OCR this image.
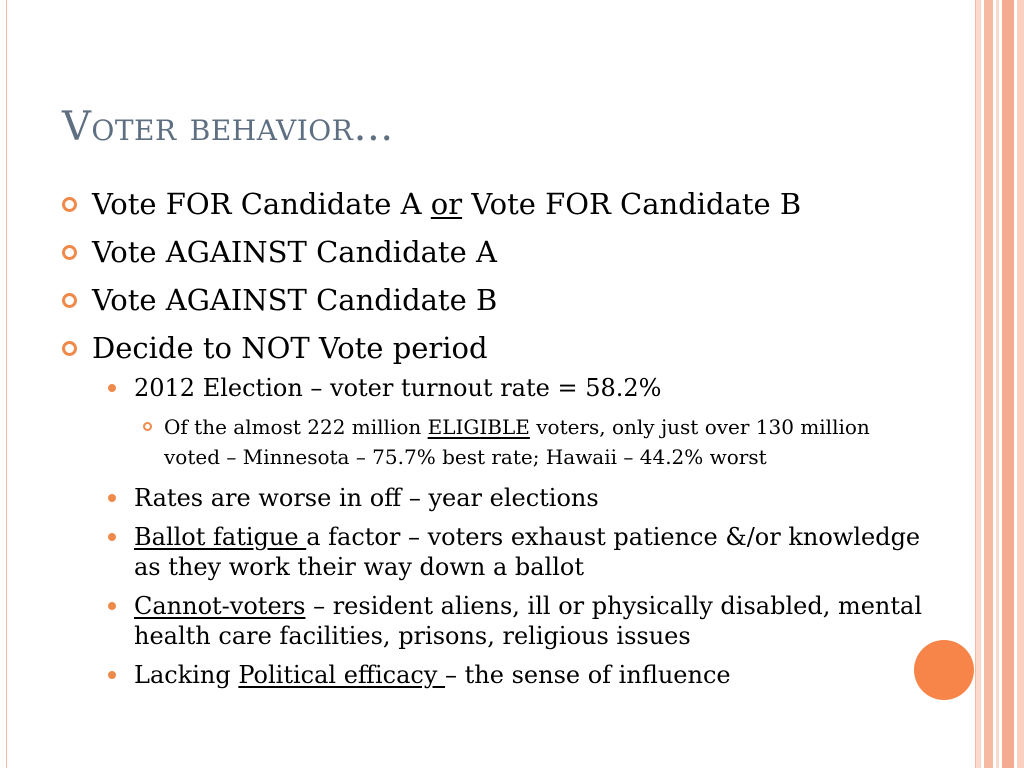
Voter behavior…
Vote FOR Candidate A or Vote FOR Candidate B
Vote AGAINST Candidate A
Vote AGAINST Candidate B
Decide to NOT Vote period
2012 Election – voter turnout rate = 58.2%
Of the almost 222 million ELIGIBLE voters, only just over 130 million voted – Minnesota – 75.7% best rate; Hawaii – 44.2% worst
Rates are worse in off – year elections
Ballot fatigue a factor – voters exhaust patience &/or knowledge as they work their way down a ballot
Cannot-voters – resident aliens, ill or physically disabled, mental health care facilities, prisons, religious issues
Lacking Political efficacy – the sense of influence
